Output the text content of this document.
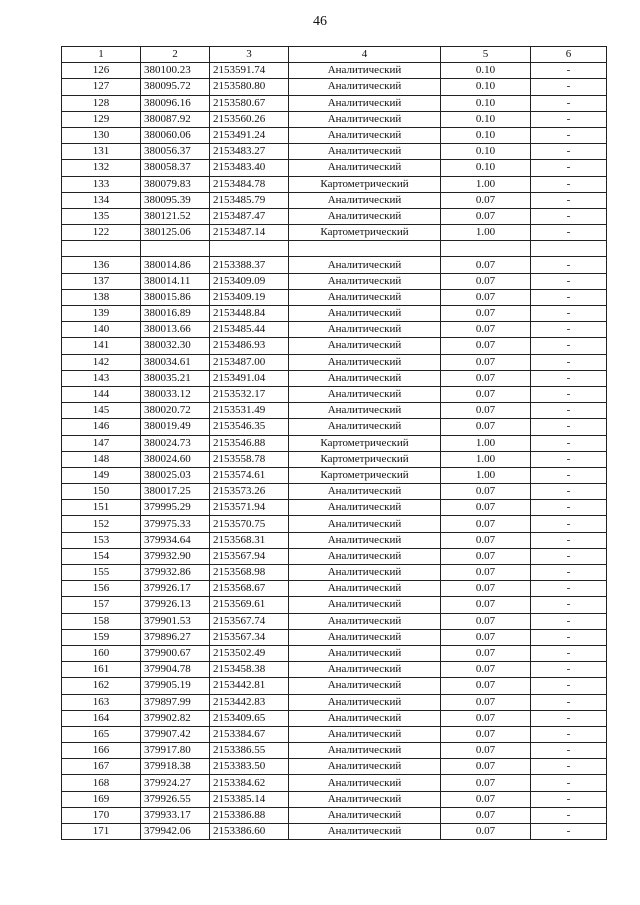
46
1	2	3	4	5	6
126	380100.23	2153591.74	Аналитический	0.10	-
127	380095.72	2153580.80	Аналитический	0.10	-
128	380096.16	2153580.67	Аналитический	0.10	-
129	380087.92	2153560.26	Аналитический	0.10	-
130	380060.06	2153491.24	Аналитический	0.10	-
131	380056.37	2153483.27	Аналитический	0.10	-
132	380058.37	2153483.40	Аналитический	0.10	-
133	380079.83	2153484.78	Картометрический	1.00	-
134	380095.39	2153485.79	Аналитический	0.07	-
135	380121.52	2153487.47	Аналитический	0.07	-
122	380125.06	2153487.14	Картометрический	1.00	-

136	380014.86	2153388.37	Аналитический	0.07	-
137	380014.11	2153409.09	Аналитический	0.07	-
138	380015.86	2153409.19	Аналитический	0.07	-
139	380016.89	2153448.84	Аналитический	0.07	-
140	380013.66	2153485.44	Аналитический	0.07	-
141	380032.30	2153486.93	Аналитический	0.07	-
142	380034.61	2153487.00	Аналитический	0.07	-
143	380035.21	2153491.04	Аналитический	0.07	-
144	380033.12	2153532.17	Аналитический	0.07	-
145	380020.72	2153531.49	Аналитический	0.07	-
146	380019.49	2153546.35	Аналитический	0.07	-
147	380024.73	2153546.88	Картометрический	1.00	-
148	380024.60	2153558.78	Картометрический	1.00	-
149	380025.03	2153574.61	Картометрический	1.00	-
150	380017.25	2153573.26	Аналитический	0.07	-
151	379995.29	2153571.94	Аналитический	0.07	-
152	379975.33	2153570.75	Аналитический	0.07	-
153	379934.64	2153568.31	Аналитический	0.07	-
154	379932.90	2153567.94	Аналитический	0.07	-
155	379932.86	2153568.98	Аналитический	0.07	-
156	379926.17	2153568.67	Аналитический	0.07	-
157	379926.13	2153569.61	Аналитический	0.07	-
158	379901.53	2153567.74	Аналитический	0.07	-
159	379896.27	2153567.34	Аналитический	0.07	-
160	379900.67	2153502.49	Аналитический	0.07	-
161	379904.78	2153458.38	Аналитический	0.07	-
162	379905.19	2153442.81	Аналитический	0.07	-
163	379897.99	2153442.83	Аналитический	0.07	-
164	379902.82	2153409.65	Аналитический	0.07	-
165	379907.42	2153384.67	Аналитический	0.07	-
166	379917.80	2153386.55	Аналитический	0.07	-
167	379918.38	2153383.50	Аналитический	0.07	-
168	379924.27	2153384.62	Аналитический	0.07	-
169	379926.55	2153385.14	Аналитический	0.07	-
170	379933.17	2153386.88	Аналитический	0.07	-
171	379942.06	2153386.60	Аналитический	0.07	-
